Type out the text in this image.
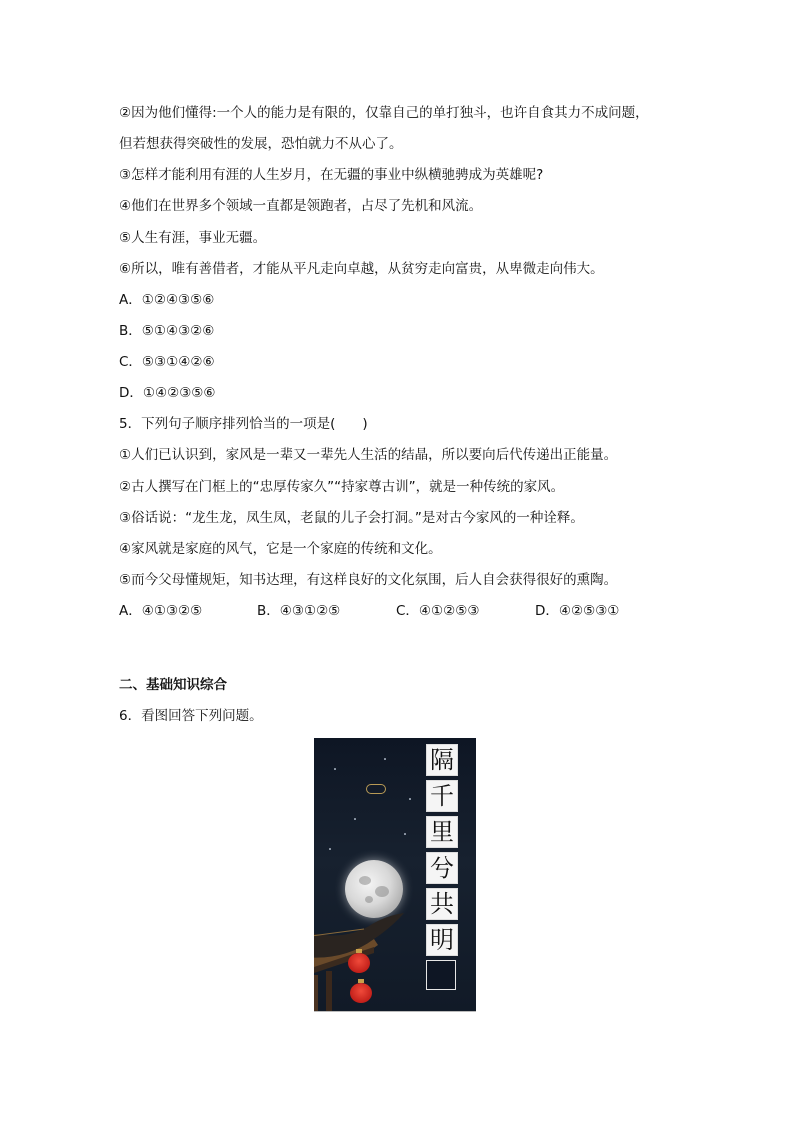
②因为他们懂得:一个人的能力是有限的，仅靠自己的单打独斗，也许自食其力不成问题，
但若想获得突破性的发展，恐怕就力不从心了。
③怎样才能利用有涯的人生岁月，在无疆的事业中纵横驰骋成为英雄呢?
④他们在世界多个领域一直都是领跑者，占尽了先机和风流。
⑤人生有涯，事业无疆。
⑥所以，唯有善借者，才能从平凡走向卓越，从贫穷走向富贵，从卑微走向伟大。
A．①②④③⑤⑥
B．⑤①④③②⑥
C．⑤③①④②⑥
D．①④②③⑤⑥
5．下列句子顺序排列恰当的一项是(　　)
①人们已认识到，家风是一辈又一辈先人生活的结晶，所以要向后代传递出正能量。
②古人撰写在门框上的“忠厚传家久”“持家尊古训”，就是一种传统的家风。
③俗话说：“龙生龙，凤生凤，老鼠的儿子会打洞。”是对古今家风的一种诠释。
④家风就是家庭的风气，它是一个家庭的传统和文化。
⑤而今父母懂规矩，知书达理，有这样良好的文化氛围，后人自会获得很好的熏陶。
A．④①③②⑤	B．④③①②⑤	C．④①②⑤③	D．④②⑤③①
二、基础知识综合
6．看图回答下列问题。
隔
千
里
兮
共
明
